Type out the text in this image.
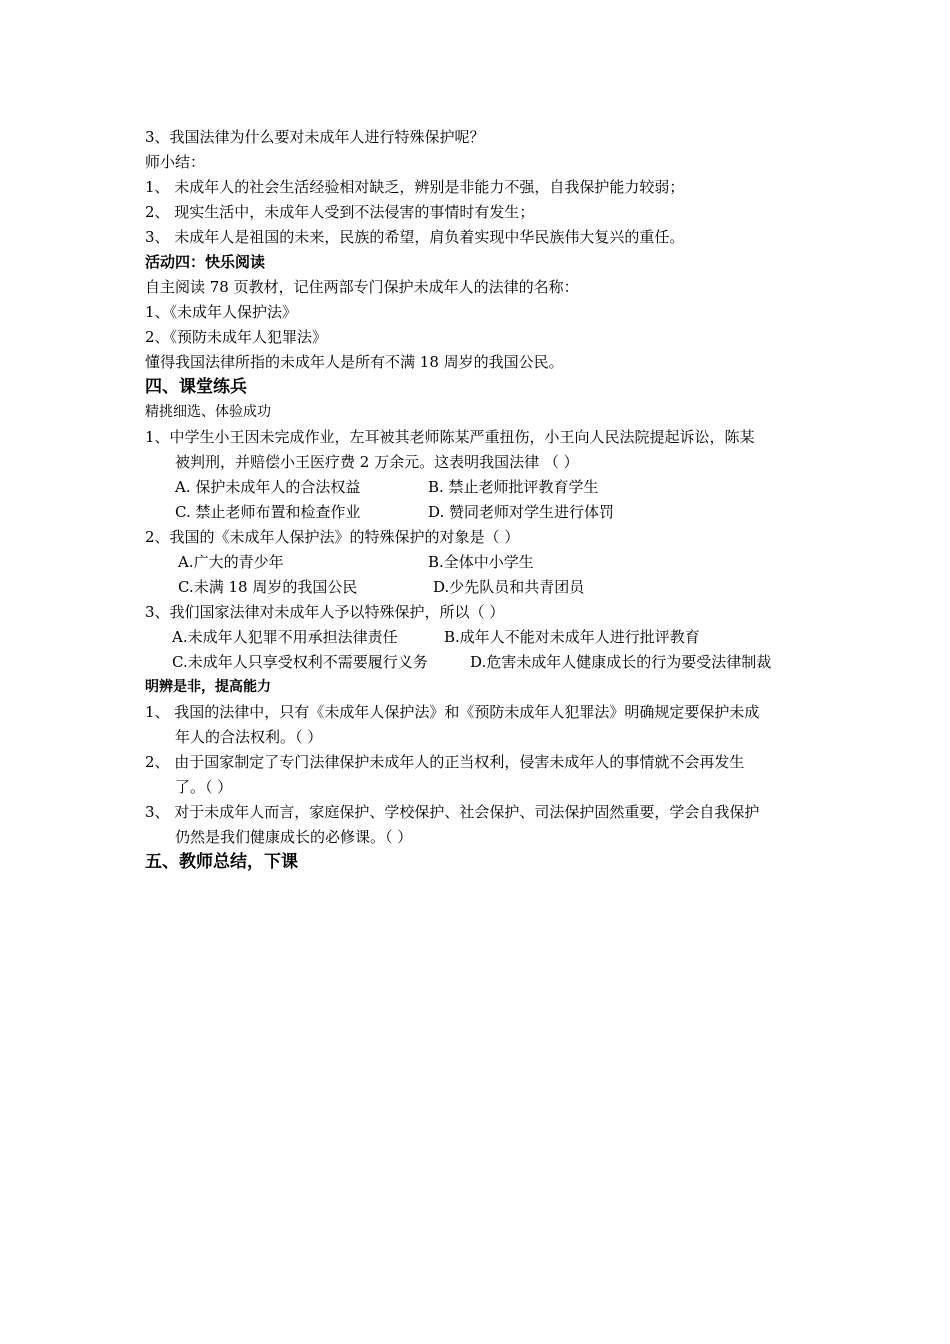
3、我国法律为什么要对未成年人进行特殊保护呢？
师小结：
1、 未成年人的社会生活经验相对缺乏，辨别是非能力不强，自我保护能力较弱；
2、 现实生活中，未成年人受到不法侵害的事情时有发生；
3、 未成年人是祖国的未来，民族的希望，肩负着实现中华民族伟大复兴的重任。
活动四：快乐阅读
自主阅读 78 页教材，记住两部专门保护未成年人的法律的名称：
1、《未成年人保护法》
2、《预防未成年人犯罪法》
懂得我国法律所指的未成年人是所有不满 18 周岁的我国公民。
四、课堂练兵
精挑细选、体验成功
1、中学生小王因未完成作业，左耳被其老师陈某严重扭伤，小王向人民法院提起诉讼，陈某
被判刑，并赔偿小王医疗费 2 万余元。这表明我国法律 （ ）
A. 保护未成年人的合法权益	B. 禁止老师批评教育学生
C. 禁止老师布置和检查作业	D. 赞同老师对学生进行体罚
2、我国的《未成年人保护法》的特殊保护的对象是（ ）
A.广大的青少年	B.全体中小学生
C.未满 18 周岁的我国公民	D.少先队员和共青团员
3、我们国家法律对未成年人予以特殊保护，所以（ ）
A.未成年人犯罪不用承担法律责任	B.成年人不能对未成年人进行批评教育
C.未成年人只享受权利不需要履行义务	D.危害未成年人健康成长的行为要受法律制裁
明辨是非，提高能力
1、 我国的法律中，只有《未成年人保护法》和《预防未成年人犯罪法》明确规定要保护未成
年人的合法权利。（ ）
2、 由于国家制定了专门法律保护未成年人的正当权利，侵害未成年人的事情就不会再发生
了。（ ）
3、 对于未成年人而言，家庭保护、学校保护、社会保护、司法保护固然重要，学会自我保护
仍然是我们健康成长的必修课。（ ）
五、教师总结，下课
